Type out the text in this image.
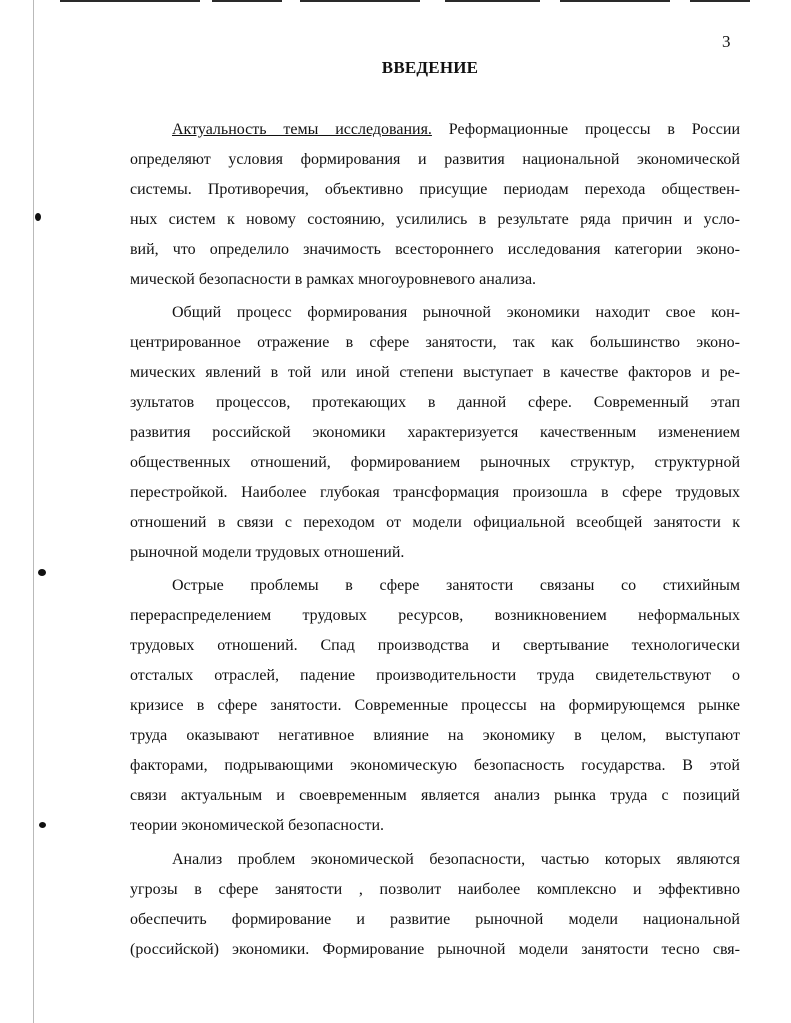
3
ВВЕДЕНИЕ
Актуальность темы исследования. Реформационные процессы в России
определяют условия формирования и развития национальной экономической
системы. Противоречия, объективно присущие периодам перехода обществен-
ных систем к новому состоянию, усилились в результате ряда причин и усло-
вий, что определило значимость всестороннего исследования категории эконо-
мической безопасности в рамках многоуровневого анализа.
Общий процесс формирования рыночной экономики находит свое кон-
центрированное отражение в сфере занятости, так как большинство эконо-
мических явлений в той или иной степени выступает в качестве факторов и ре-
зультатов процессов, протекающих в данной сфере. Современный этап
развития российской экономики характеризуется качественным изменением
общественных отношений, формированием рыночных структур, структурной
перестройкой. Наиболее глубокая трансформация произошла в сфере трудовых
отношений в связи с переходом от модели официальной всеобщей занятости к
рыночной модели трудовых отношений.
Острые проблемы в сфере занятости связаны со стихийным
перераспределением трудовых ресурсов, возникновением неформальных
трудовых отношений. Спад производства и свертывание технологически
отсталых отраслей, падение производительности труда свидетельствуют о
кризисе в сфере занятости. Современные процессы на формирующемся рынке
труда оказывают негативное влияние на экономику в целом, выступают
факторами, подрывающими экономическую безопасность государства. В этой
связи актуальным и своевременным является анализ рынка труда с позиций
теории экономической безопасности.
Анализ проблем экономической безопасности, частью которых являются
угрозы в сфере занятости , позволит наиболее комплексно и эффективно
обеспечить формирование и развитие рыночной модели национальной
(российской) экономики. Формирование рыночной модели занятости тесно свя-
